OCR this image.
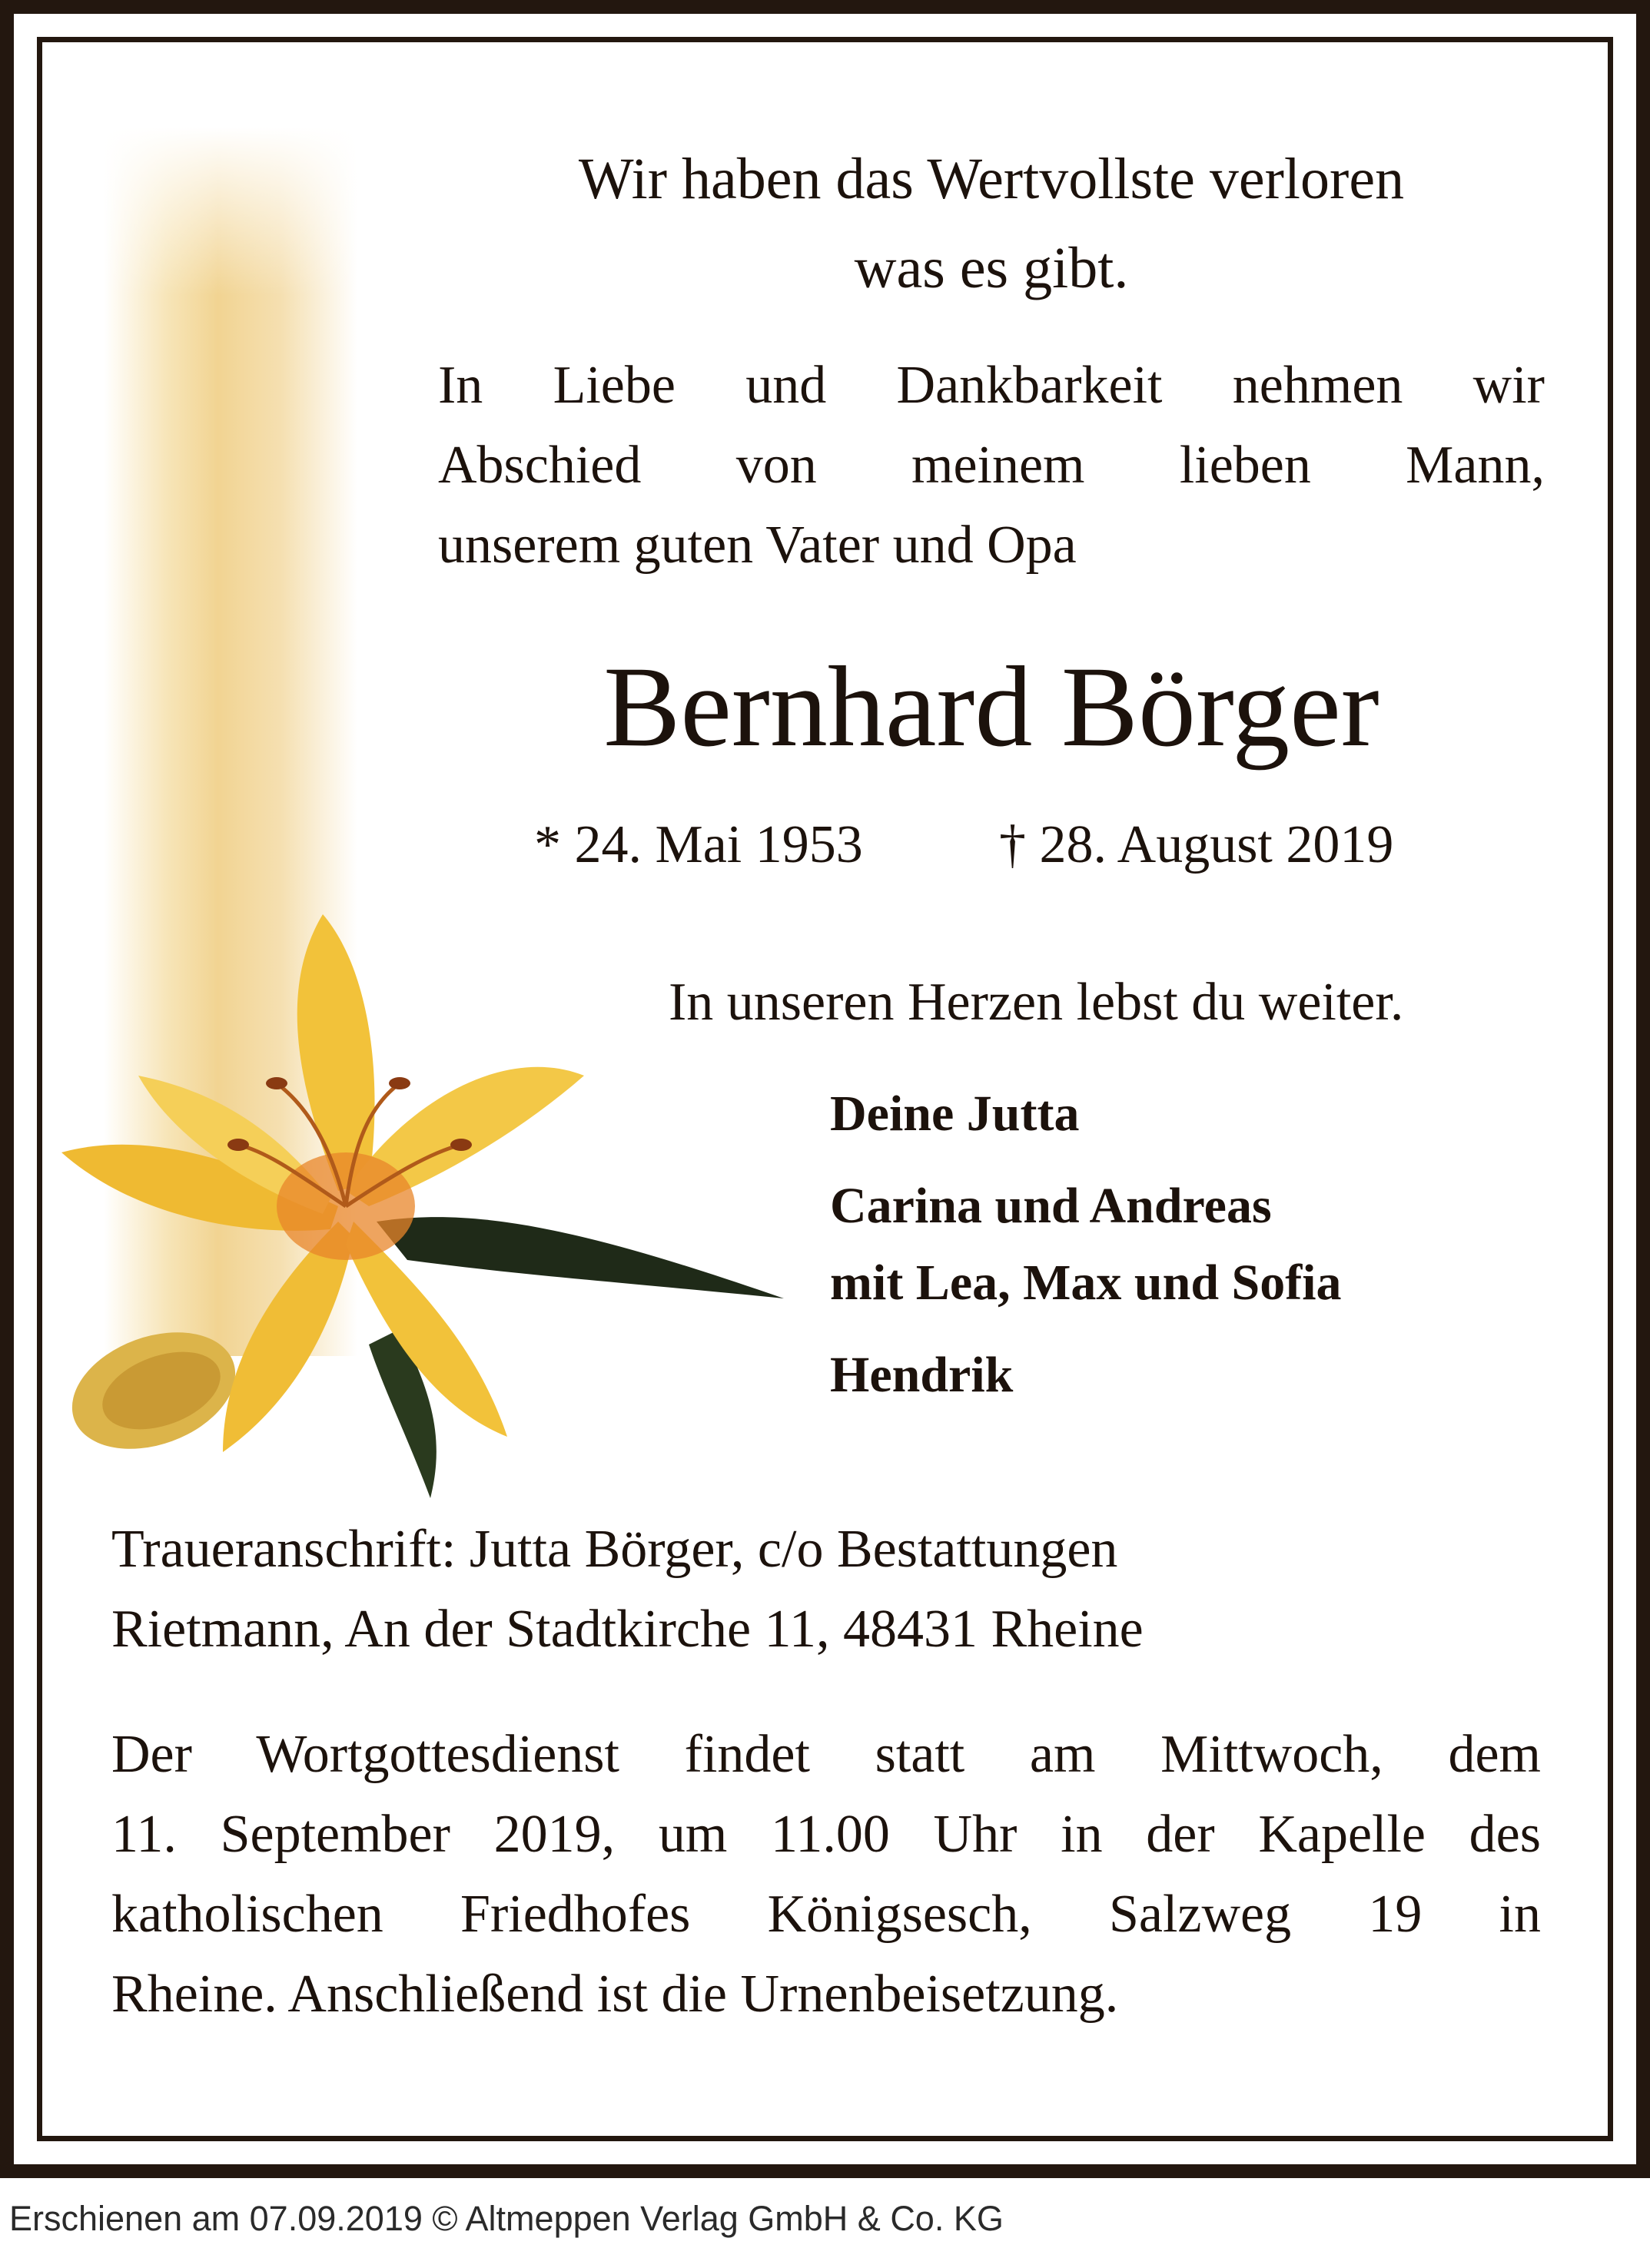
Wir haben das Wertvollste verloren

was es gibt.

In Liebe und Dankbarkeit nehmen wir

Abschied von meinem lieben Mann,

unserem guten Vater und Opa

Bernhard Börger

* 24. Mai 1953	† 28. August 2019

In unseren Herzen lebst du weiter.

Deine Jutta

Carina und Andreas

mit Lea, Max und Sofia

Hendrik

Traueranschrift: Jutta Börger, c/o Bestattungen

Rietmann, An der Stadtkirche 11, 48431 Rheine

Der Wortgottesdienst findet statt am Mittwoch, dem

11. September 2019, um 11.00 Uhr in der Kapelle des

katholischen Friedhofes Königsesch, Salzweg 19 in

Rheine. Anschließend ist die Urnenbeisetzung.

Erschienen am 07.09.2019 © Altmeppen Verlag GmbH & Co. KG
